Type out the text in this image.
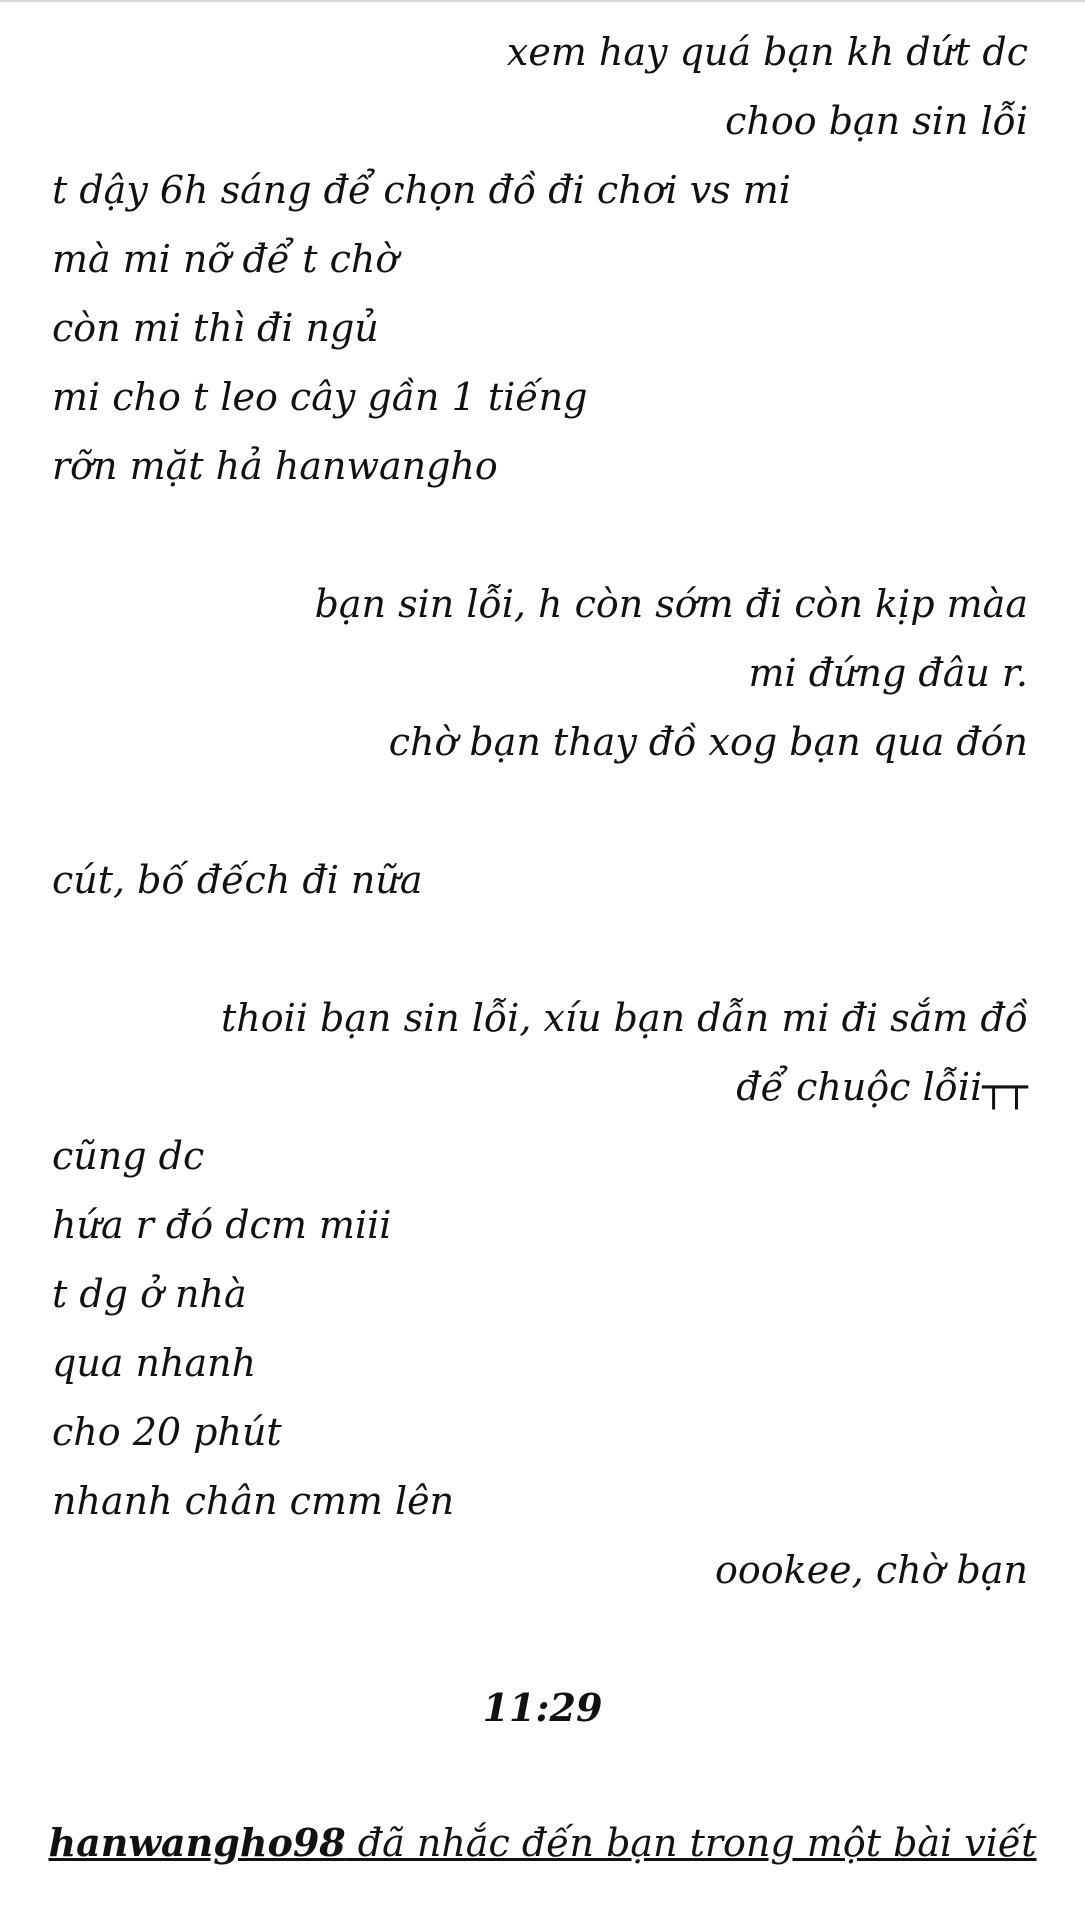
xem hay quá bạn kh dứt dc
choo bạn sin lỗi
t dậy 6h sáng để chọn đồ đi chơi vs mi
mà mi nỡ để t chờ
còn mi thì đi ngủ
mi cho t leo cây gần 1 tiếng
rỡn mặt hả hanwangho
bạn sin lỗi, h còn sớm đi còn kịp màa
mi đứng đâu r.
chờ bạn thay đồ xog bạn qua đón
cút, bố đếch đi nữa
thoii bạn sin lỗi, xíu bạn dẫn mi đi sắm đồ
để chuộc lỗii┬┬
cũng dc
hứa r đó dcm miii
t dg ở nhà
qua nhanh
cho 20 phút
nhanh chân cmm lên
oookee, chờ bạn
11:29
hanwangho98 đã nhắc đến bạn trong một bài viết
